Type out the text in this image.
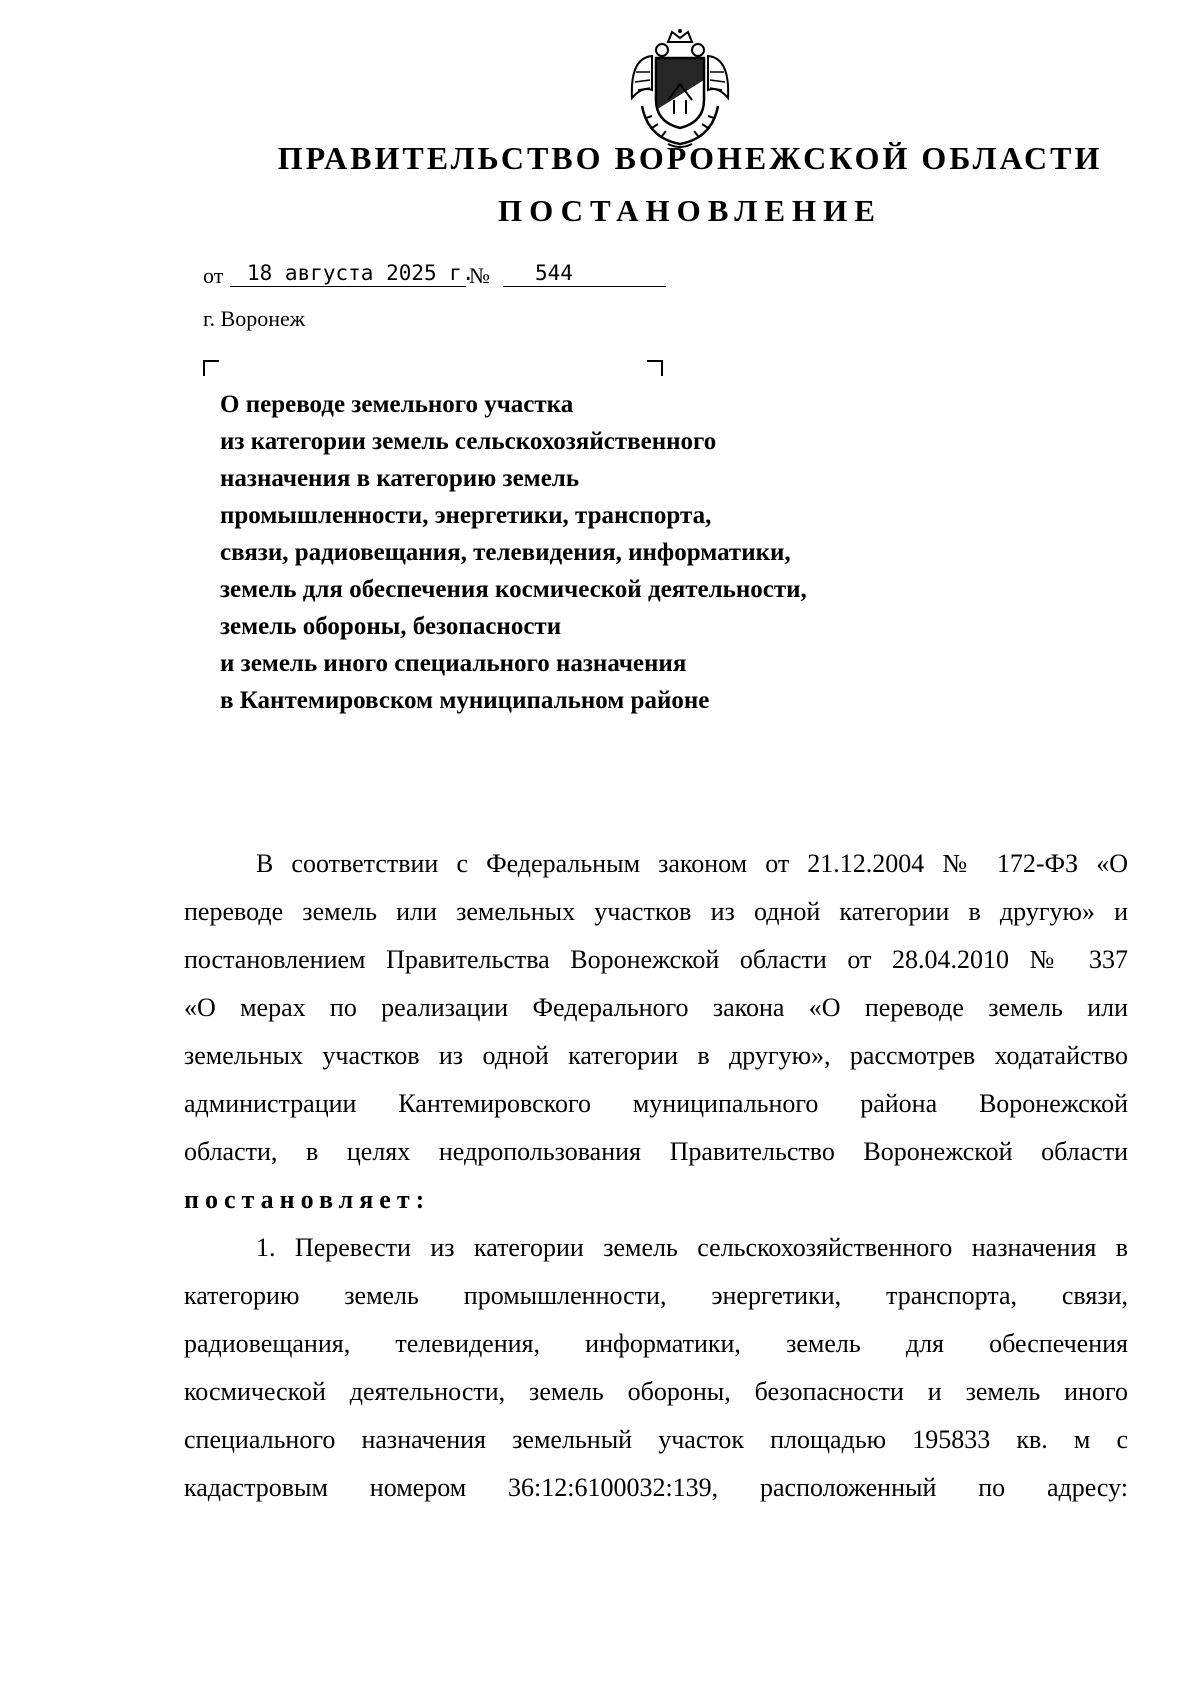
ПРАВИТЕЛЬСТВО ВОРОНЕЖСКОЙ ОБЛАСТИ
ПОСТАНОВЛЕНИЕ
от 18 августа 2025 г.
№ 544
г. Воронеж
О переводе земельного участка
из категории земель сельскохозяйственного
назначения в категорию земель
промышленности, энергетики, транспорта,
связи, радиовещания, телевидения, информатики,
земель для обеспечения космической деятельности,
земель обороны, безопасности
и земель иного специального назначения
в Кантемировском муниципальном районе
В соответствии с Федеральным законом от 21.12.2004 № 172-ФЗ «О
переводе земель или земельных участков из одной категории в другую» и
постановлением Правительства Воронежской области от 28.04.2010 № 337
«О мерах по реализации Федерального закона «О переводе земель или
земельных участков из одной категории в другую», рассмотрев ходатайство
администрации Кантемировского муниципального района Воронежской
области, в целях недропользования Правительство Воронежской области
постановляет:
1. Перевести из категории земель сельскохозяйственного назначения в
категорию земель промышленности, энергетики, транспорта, связи,
радиовещания, телевидения, информатики, земель для обеспечения
космической деятельности, земель обороны, безопасности и земель иного
специального назначения земельный участок площадью 195833 кв. м с
кадастровым номером 36:12:6100032:139, расположенный по адресу:
